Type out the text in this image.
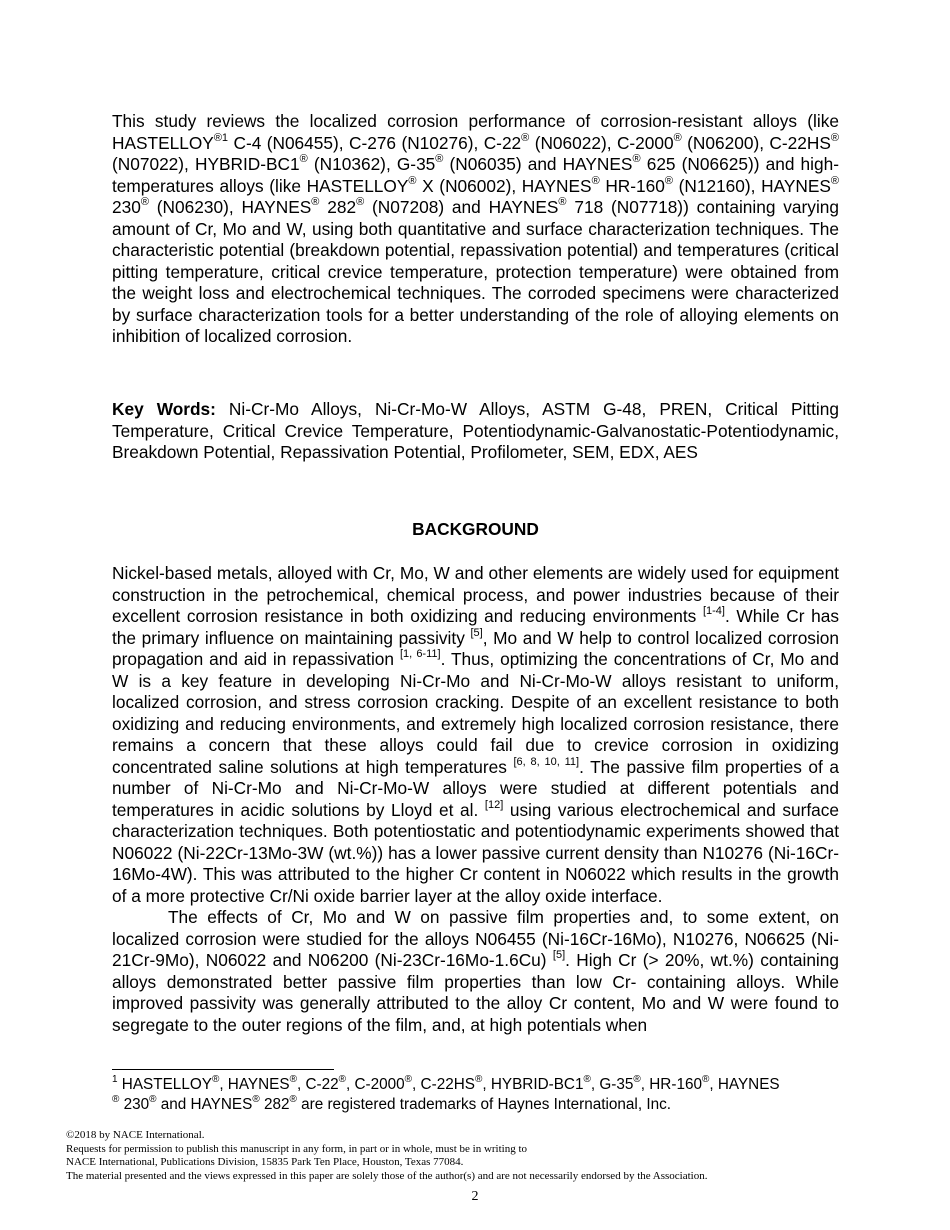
This study reviews the localized corrosion performance of corrosion-resistant alloys (like $HASTELLOY^{®1}$ C-4 (N06455), C-276 (N10276), C-22® (N06022), C-2000® (N06200), C-22HS® (N07022), HYBRID-BC1® (N10362), G-35® (N06035) and HAYNES® 625 (N06625)) and high-temperatures alloys (like HASTELLOY® X (N06002), HAYNES® HR-160® (N12160), HAYNES® 230® (N06230), HAYNES® 282® (N07208) and HAYNES® 718 (N07718)) containing varying amount of Cr, Mo and W, using both quantitative and surface characterization techniques. The characteristic potential (breakdown potential, repassivation potential) and temperatures (critical pitting temperature, critical crevice temperature, protection temperature) were obtained from the weight loss and electrochemical techniques. The corroded specimens were characterized by surface characterization tools for a better understanding of the role of alloying elements on inhibition of localized corrosion.

Key Words: Ni-Cr-Mo Alloys, Ni-Cr-Mo-W Alloys, ASTM G-48, PREN, Critical Pitting Temperature, Critical Crevice Temperature, Potentiodynamic-Galvanostatic-Potentiodynamic, Breakdown Potential, Repassivation Potential, Profilometer, SEM, EDX, AES

BACKGROUND

Nickel-based metals, alloyed with Cr, Mo, W and other elements are widely used for equipment construction in the petrochemical, chemical process, and power industries because of their excellent corrosion resistance in both oxidizing and reducing environments [1-4]. While Cr has the primary influence on maintaining passivity [5], Mo and W help to control localized corrosion propagation and aid in repassivation [1, 6-11]. Thus, optimizing the concentrations of Cr, Mo and W is a key feature in developing Ni-Cr-Mo and Ni-Cr-Mo-W alloys resistant to uniform, localized corrosion, and stress corrosion cracking. Despite of an excellent resistance to both oxidizing and reducing environments, and extremely high localized corrosion resistance, there remains a concern that these alloys could fail due to crevice corrosion in oxidizing concentrated saline solutions at high temperatures [6, 8, 10, 11]. The passive film properties of a number of Ni-Cr-Mo and Ni-Cr-Mo-W alloys were studied at different potentials and temperatures in acidic solutions by Lloyd et al. [12] using various electrochemical and surface characterization techniques. Both potentiostatic and potentiodynamic experiments showed that N06022 (Ni-22Cr-13Mo-3W (wt.%)) has a lower passive current density than N10276 (Ni-16Cr-16Mo-4W). This was attributed to the higher Cr content in N06022 which results in the growth of a more protective Cr/Ni oxide barrier layer at the alloy oxide interface.

The effects of Cr, Mo and W on passive film properties and, to some extent, on localized corrosion were studied for the alloys N06455 (Ni-16Cr-16Mo), N10276, N06625 (Ni-21Cr-9Mo), N06022 and N06200 (Ni-23Cr-16Mo-1.6Cu) [5]. High Cr (> 20%, wt.%) containing alloys demonstrated better passive film properties than low Cr- containing alloys. While improved passivity was generally attributed to the alloy Cr content, Mo and W were found to segregate to the outer regions of the film, and, at high potentials when

$^1$ HASTELLOY®, HAYNES®, C-22®, C-2000®, C-22HS®, HYBRID-BC1®, G-35®, HR-160®, HAYNES
® 230® and HAYNES® 282® are registered trademarks of Haynes International, Inc.

©2018 by NACE International.
Requests for permission to publish this manuscript in any form, in part or in whole, must be in writing to
NACE International, Publications Division, 15835 Park Ten Place, Houston, Texas 77084.
The material presented and the views expressed in this paper are solely those of the author(s) and are not necessarily endorsed by the Association.
2
